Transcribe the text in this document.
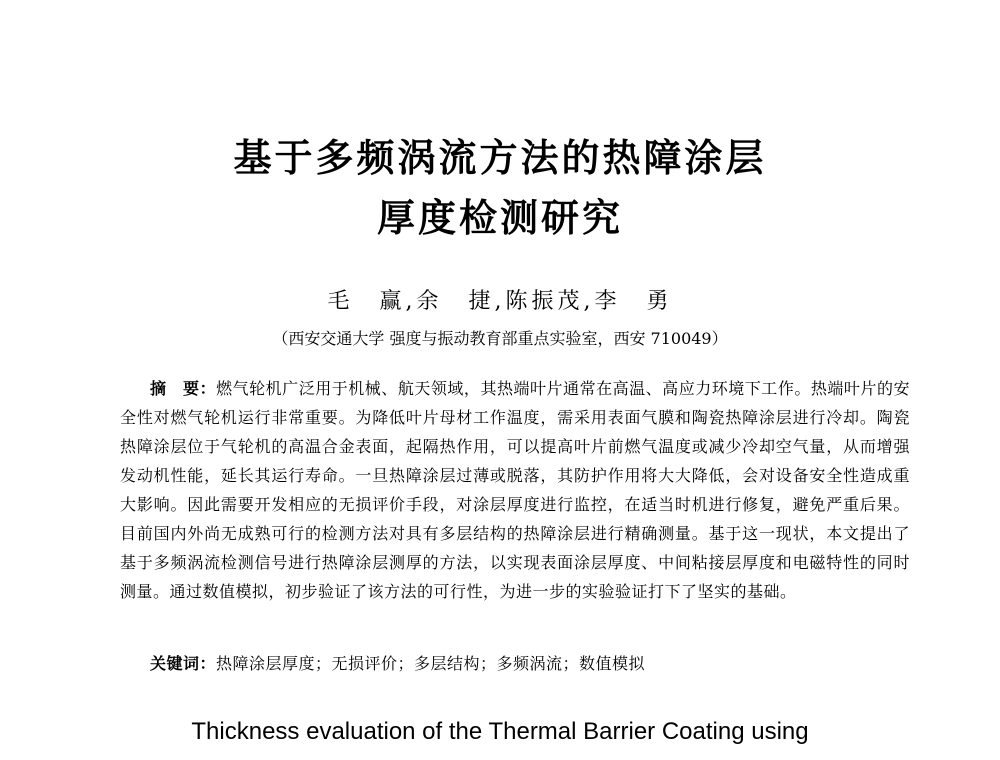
基于多频涡流方法的热障涂层
厚度检测研究
毛　赢,余　捷,陈振茂,李　勇
（西安交通大学 强度与振动教育部重点实验室，西安 710049）
摘　要：燃气轮机广泛用于机械、航天领域，其热端叶片通常在高温、高应力环境下工作。热端叶片的安全性对燃气轮机运行非常重要。为降低叶片母材工作温度，需采用表面气膜和陶瓷热障涂层进行冷却。陶瓷热障涂层位于气轮机的高温合金表面，起隔热作用，可以提高叶片前燃气温度或减少冷却空气量，从而增强发动机性能，延长其运行寿命。一旦热障涂层过薄或脱落，其防护作用将大大降低，会对设备安全性造成重大影响。因此需要开发相应的无损评价手段，对涂层厚度进行监控，在适当时机进行修复，避免严重后果。目前国内外尚无成熟可行的检测方法对具有多层结构的热障涂层进行精确测量。基于这一现状，本文提出了基于多频涡流检测信号进行热障涂层测厚的方法，以实现表面涂层厚度、中间粘接层厚度和电磁特性的同时测量。通过数值模拟，初步验证了该方法的可行性，为进一步的实验验证打下了坚实的基础。
关键词：热障涂层厚度；无损评价；多层结构；多频涡流；数值模拟
Thickness evaluation of the Thermal Barrier Coating using
